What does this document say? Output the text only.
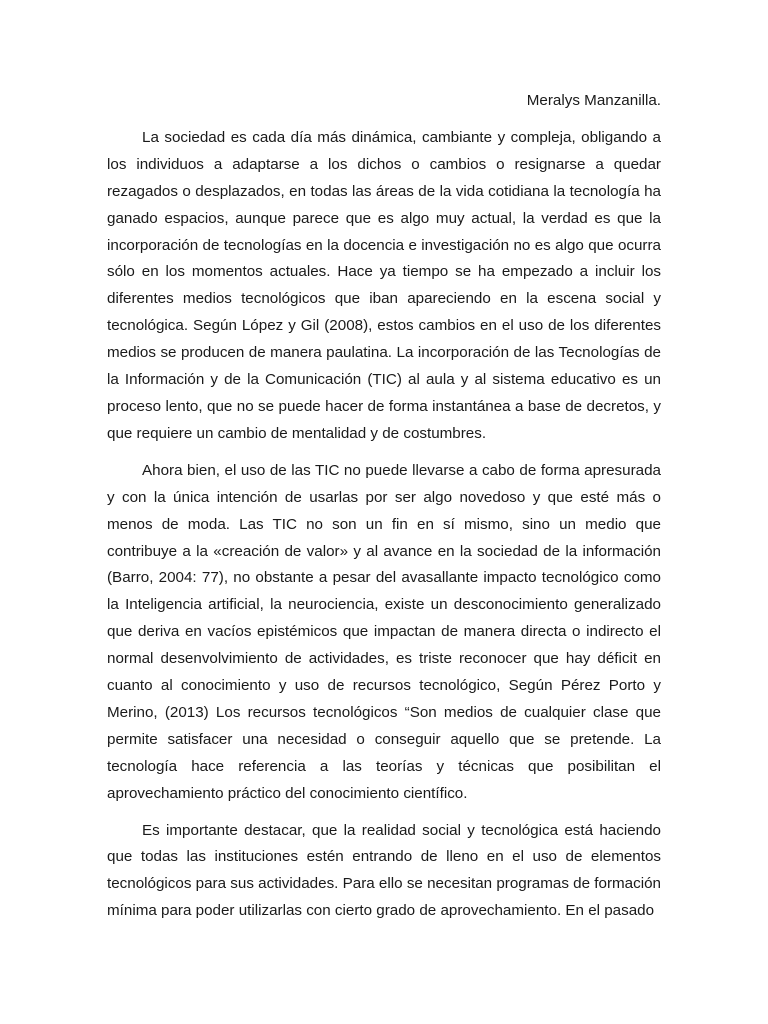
Meralys Manzanilla.

La sociedad es cada día más dinámica, cambiante y compleja, obligando a los individuos a adaptarse a los dichos o cambios o resignarse a quedar rezagados o desplazados, en todas las áreas de la vida cotidiana la tecnología ha ganado espacios, aunque parece que es algo muy actual, la verdad es que la incorporación de tecnologías en la docencia e investigación no es algo que ocurra sólo en los momentos actuales. Hace ya tiempo se ha empezado a incluir los diferentes medios tecnológicos que iban apareciendo en la escena social y tecnológica. Según López y Gil (2008), estos cambios en el uso de los diferentes medios se producen de manera paulatina. La incorporación de las Tecnologías de la Información y de la Comunicación (TIC) al aula y al sistema educativo es un proceso lento, que no se puede hacer de forma instantánea a base de decretos, y que requiere un cambio de mentalidad y de costumbres.

Ahora bien, el uso de las TIC no puede llevarse a cabo de forma apresurada y con la única intención de usarlas por ser algo novedoso y que esté más o menos de moda. Las TIC no son un fin en sí mismo, sino un medio que contribuye a la «creación de valor» y al avance en la sociedad de la información (Barro, 2004: 77), no obstante a pesar del avasallante impacto tecnológico como la Inteligencia artificial, la neurociencia, existe un desconocimiento generalizado que deriva en vacíos epistémicos que impactan de manera directa o indirecto el normal desenvolvimiento de actividades, es triste reconocer que hay déficit en cuanto al conocimiento y uso de recursos tecnológico, Según Pérez Porto y Merino, (2013) Los recursos tecnológicos “Son medios de cualquier clase que permite satisfacer una necesidad o conseguir aquello que se pretende. La tecnología hace referencia a las teorías y técnicas que posibilitan el aprovechamiento práctico del conocimiento científico.

Es importante destacar, que la realidad social y tecnológica está haciendo que todas las instituciones estén entrando de lleno en el uso de elementos tecnológicos para sus actividades. Para ello se necesitan programas de formación mínima para poder utilizarlas con cierto grado de aprovechamiento. En el pasado
